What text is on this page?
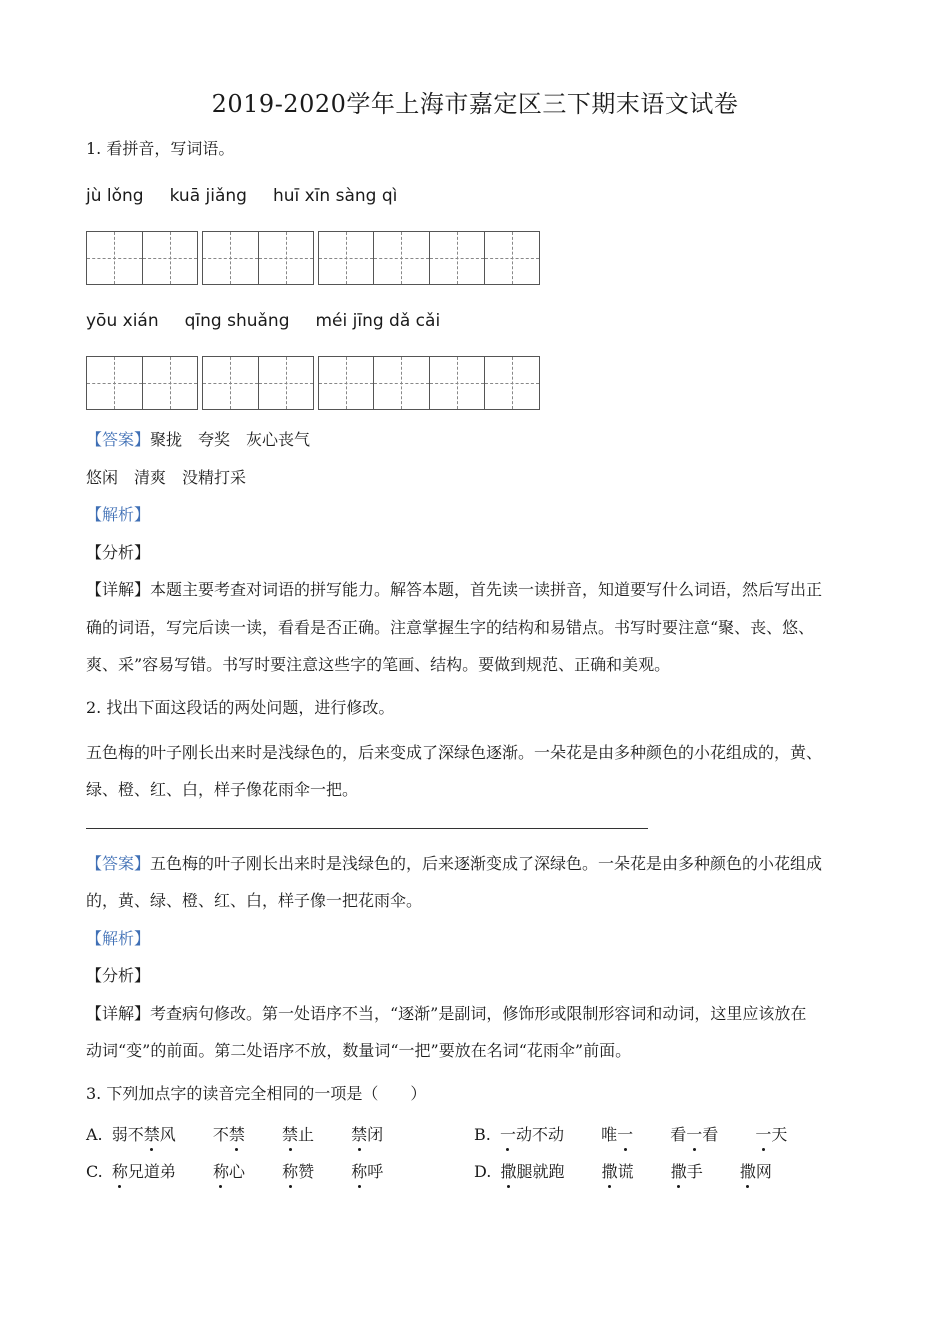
2019-2020学年上海市嘉定区三下期末语文试卷
1. 看拼音，写词语。
jù lǒng kuā jiǎng huī xīn sàng qì
yōu xián qīng shuǎng méi jīng dǎ cǎi
【答案】聚拢　夸奖　灰心丧气
悠闲　清爽　没精打采
【解析】
【分析】
【详解】本题主要考查对词语的拼写能力。解答本题，首先读一读拼音，知道要写什么词语，然后写出正
确的词语，写完后读一读，看看是否正确。注意掌握生字的结构和易错点。书写时要注意“聚、丧、悠、
爽、采”容易写错。书写时要注意这些字的笔画、结构。要做到规范、正确和美观。
2. 找出下面这段话的两处问题，进行修改。
五色梅的叶子刚长出来时是浅绿色的，后来变成了深绿色逐渐。一朵花是由多种颜色的小花组成的，黄、
绿、橙、红、白，样子像花雨伞一把。
【答案】五色梅的叶子刚长出来时是浅绿色的，后来逐渐变成了深绿色。一朵花是由多种颜色的小花组成
的，黄、绿、橙、红、白，样子像一把花雨伞。
【解析】
【分析】
【详解】考查病句修改。第一处语序不当，“逐渐”是副词，修饰形或限制形容词和动词，这里应该放在
动词“变”的前面。第二处语序不放，数量词“一把”要放在名词“花雨伞”前面。
3. 下列加点字的读音完全相同的一项是（　　）
A. 弱不禁风 不禁 禁止 禁闭	B. 一动不动 唯一 看一看 一天
C. 称兄道弟 称心 称赞 称呼	D. 撒腿就跑 撒谎 撒手 撒网
